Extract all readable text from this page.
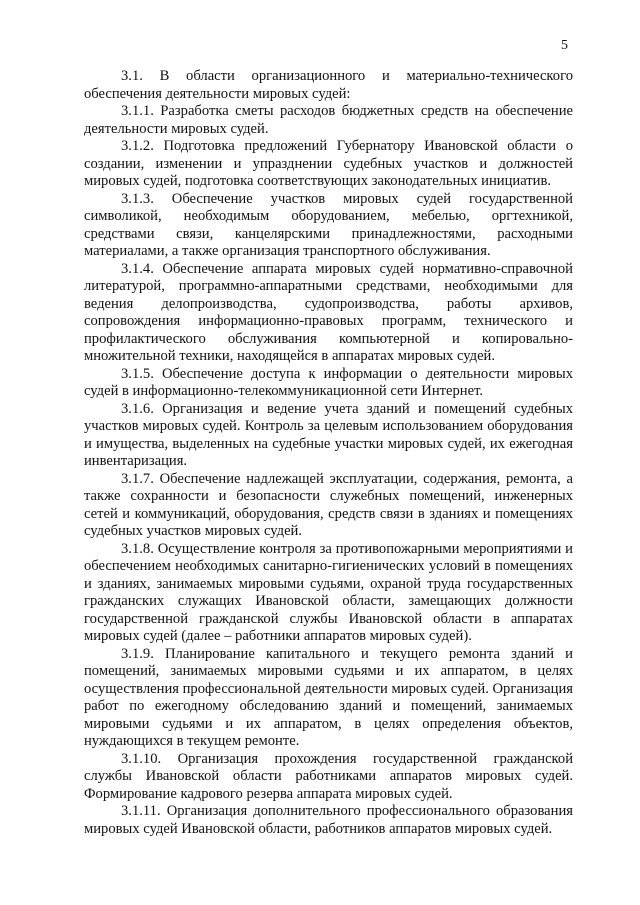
5

3.1. В области организационного и материально-технического обеспечения деятельности мировых судей:

3.1.1. Разработка сметы расходов бюджетных средств на обеспечение деятельности мировых судей.

3.1.2. Подготовка предложений Губернатору Ивановской области о создании, изменении и упразднении судебных участков и должностей мировых судей, подготовка соответствующих законодательных инициатив.

3.1.3. Обеспечение участков мировых судей государственной символикой, необходимым оборудованием, мебелью, оргтехникой, средствами связи, канцелярскими принадлежностями, расходными материалами, а также организация транспортного обслуживания.

3.1.4. Обеспечение аппарата мировых судей нормативно-справочной литературой, программно-аппаратными средствами, необходимыми для ведения делопроизводства, судопроизводства, работы архивов, сопровождения информационно-правовых программ, технического и профилактического обслуживания компьютерной и копировально-множительной техники, находящейся в аппаратах мировых судей.

3.1.5. Обеспечение доступа к информации о деятельности мировых судей в информационно-телекоммуникационной сети Интернет.

3.1.6. Организация и ведение учета зданий и помещений судебных участков мировых судей. Контроль за целевым использованием оборудования и имущества, выделенных на судебные участки мировых судей, их ежегодная инвентаризация.

3.1.7. Обеспечение надлежащей эксплуатации, содержания, ремонта, а также сохранности и безопасности служебных помещений, инженерных сетей и коммуникаций, оборудования, средств связи в зданиях и помещениях судебных участков мировых судей.

3.1.8. Осуществление контроля за противопожарными мероприятиями и обеспечением необходимых санитарно-гигиенических условий в помещениях и зданиях, занимаемых мировыми судьями, охраной труда государственных гражданских служащих Ивановской области, замещающих должности государственной гражданской службы Ивановской области в аппаратах мировых судей (далее – работники аппаратов мировых судей).

3.1.9. Планирование капитального и текущего ремонта зданий и помещений, занимаемых мировыми судьями и их аппаратом, в целях осуществления профессиональной деятельности мировых судей. Организация работ по ежегодному обследованию зданий и помещений, занимаемых мировыми судьями и их аппаратом, в целях определения объектов, нуждающихся в текущем ремонте.

3.1.10. Организация прохождения государственной гражданской службы Ивановской области работниками аппаратов мировых судей. Формирование кадрового резерва аппарата мировых судей.

3.1.11. Организация дополнительного профессионального образования мировых судей Ивановской области, работников аппаратов мировых судей.
